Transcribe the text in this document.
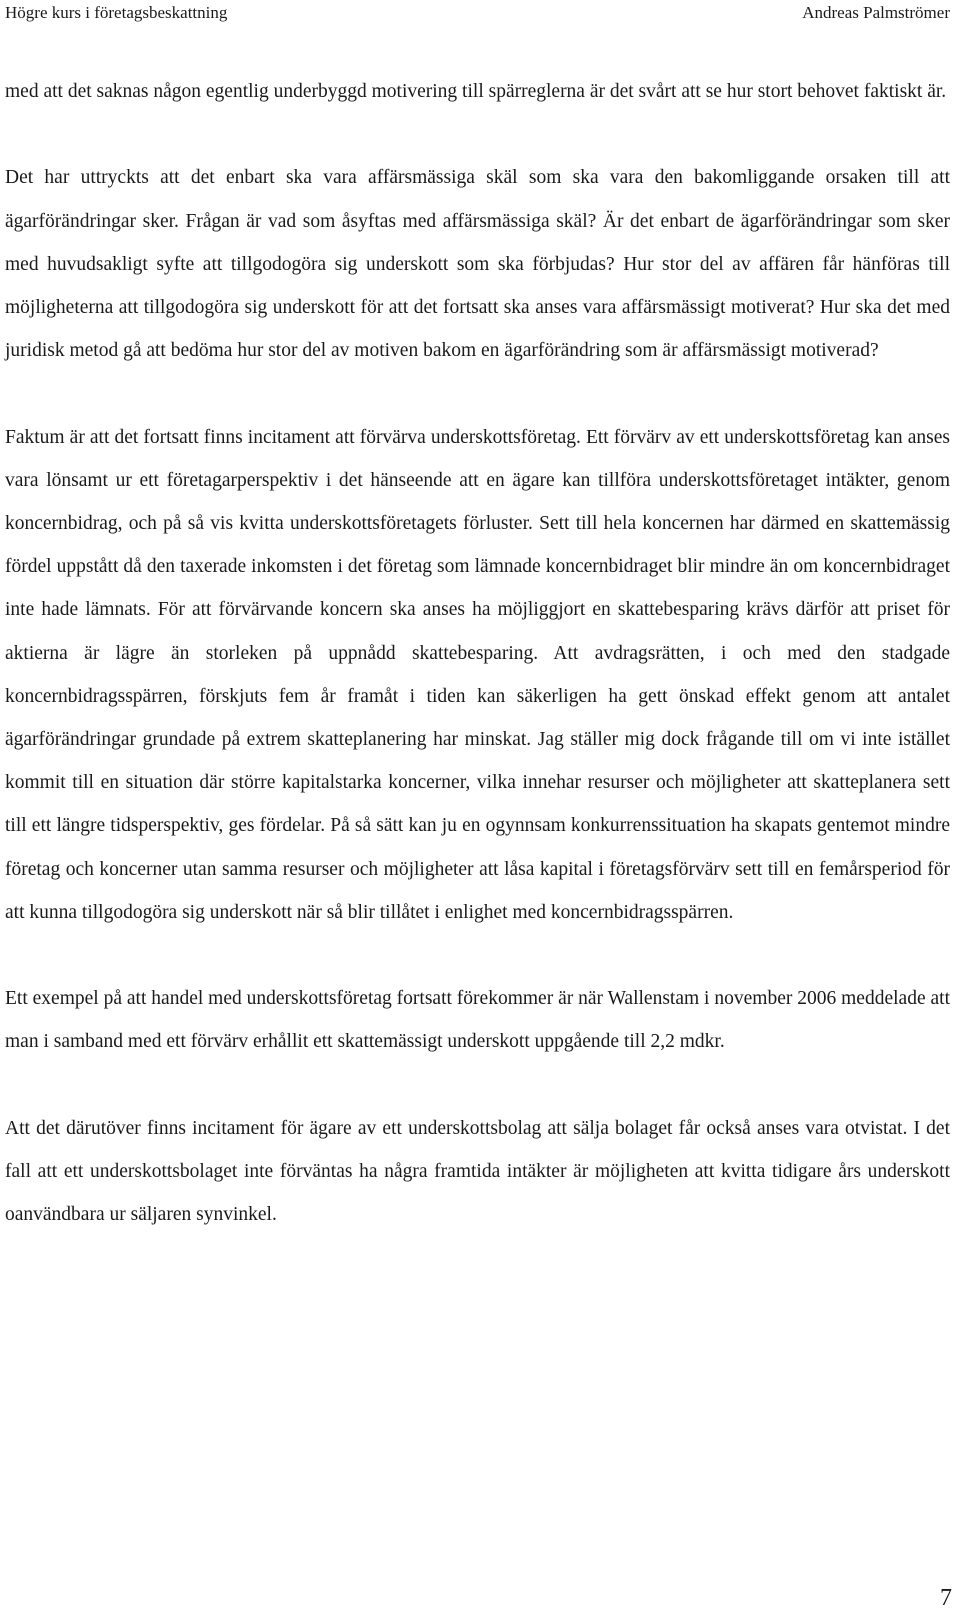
Högre kurs i företagsbeskattning	Andreas Palmströmer

med att det saknas någon egentlig underbyggd motivering till spärreglerna är det svårt att se hur stort behovet faktiskt är.

Det har uttryckts att det enbart ska vara affärsmässiga skäl som ska vara den bakomliggande orsaken till att ägarförändringar sker. Frågan är vad som åsyftas med affärsmässiga skäl? Är det enbart de ägarförändringar som sker med huvudsakligt syfte att tillgodogöra sig underskott som ska förbjudas? Hur stor del av affären får hänföras till möjligheterna att tillgodogöra sig underskott för att det fortsatt ska anses vara affärsmässigt motiverat? Hur ska det med juridisk metod gå att bedöma hur stor del av motiven bakom en ägarförändring som är affärsmässigt motiverad?

Faktum är att det fortsatt finns incitament att förvärva underskottsföretag. Ett förvärv av ett underskottsföretag kan anses vara lönsamt ur ett företagarperspektiv i det hänseende att en ägare kan tillföra underskottsföretaget intäkter, genom koncernbidrag, och på så vis kvitta underskottsföretagets förluster. Sett till hela koncernen har därmed en skattemässig fördel uppstått då den taxerade inkomsten i det företag som lämnade koncernbidraget blir mindre än om koncernbidraget inte hade lämnats. För att förvärvande koncern ska anses ha möjliggjort en skattebesparing krävs därför att priset för aktierna är lägre än storleken på uppnådd skattebesparing. Att avdragsrätten, i och med den stadgade koncernbidragsspärren, förskjuts fem år framåt i tiden kan säkerligen ha gett önskad effekt genom att antalet ägarförändringar grundade på extrem skatteplanering har minskat. Jag ställer mig dock frågande till om vi inte istället kommit till en situation där större kapitalstarka koncerner, vilka innehar resurser och möjligheter att skatteplanera sett till ett längre tidsperspektiv, ges fördelar. På så sätt kan ju en ogynnsam konkurrenssituation ha skapats gentemot mindre företag och koncerner utan samma resurser och möjligheter att låsa kapital i företagsförvärv sett till en femårsperiod för att kunna tillgodogöra sig underskott när så blir tillåtet i enlighet med koncernbidragsspärren.

Ett exempel på att handel med underskottsföretag fortsatt förekommer är när Wallenstam i november 2006 meddelade att man i samband med ett förvärv erhållit ett skattemässigt underskott uppgående till 2,2 mdkr.

Att det därutöver finns incitament för ägare av ett underskottsbolag att sälja bolaget får också anses vara otvistat. I det fall att ett underskottsbolaget inte förväntas ha några framtida intäkter är möjligheten att kvitta tidigare års underskott oanvändbara ur säljaren synvinkel.

7
